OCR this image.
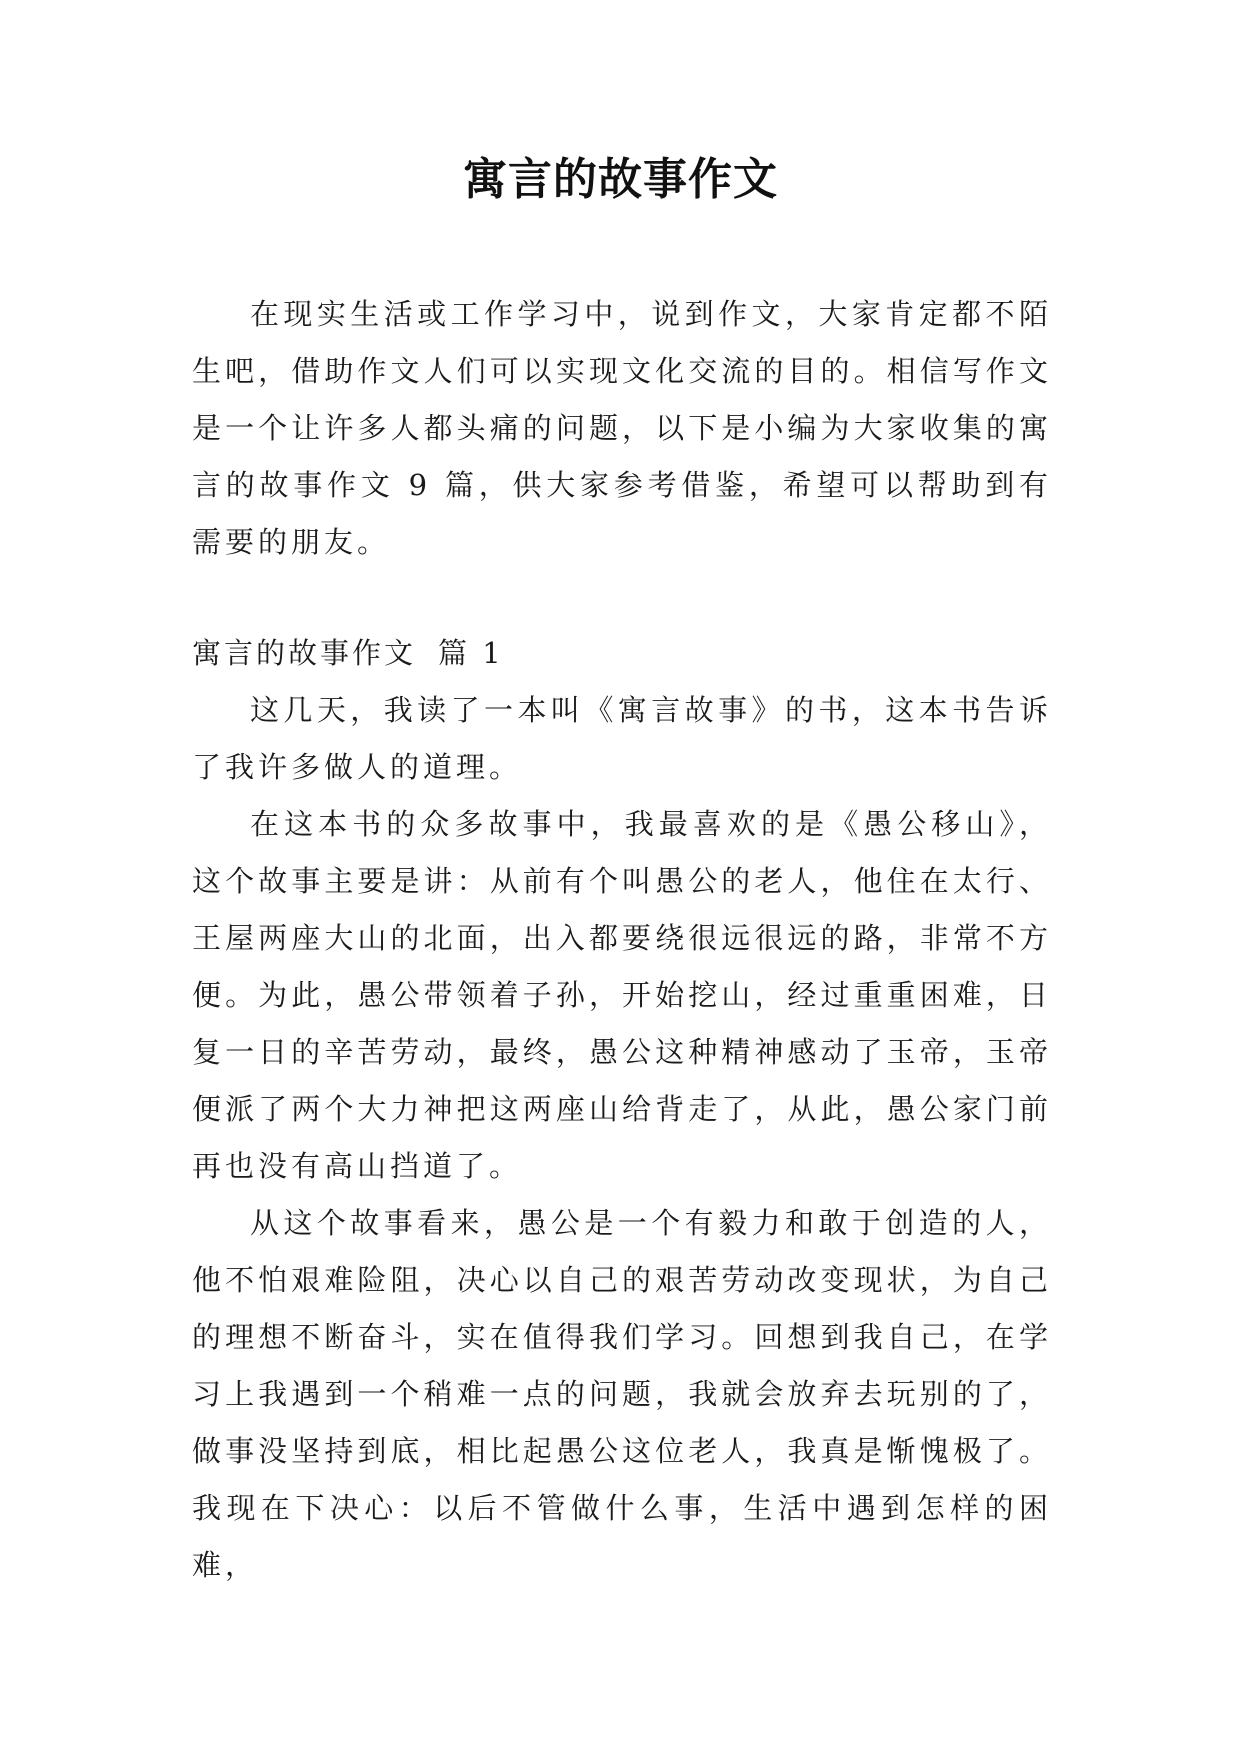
寓言的故事作文

在现实生活或工作学习中，说到作文，大家肯定都不陌生吧，借助作文人们可以实现文化交流的目的。相信写作文是一个让许多人都头痛的问题，以下是小编为大家收集的寓言的故事作文 9 篇，供大家参考借鉴，希望可以帮助到有需要的朋友。

寓言的故事作文 篇 1

这几天，我读了一本叫《寓言故事》的书，这本书告诉了我许多做人的道理。

在这本书的众多故事中，我最喜欢的是《愚公移山》，这个故事主要是讲：从前有个叫愚公的老人，他住在太行、王屋两座大山的北面，出入都要绕很远很远的路，非常不方便。为此，愚公带领着子孙，开始挖山，经过重重困难，日复一日的辛苦劳动，最终，愚公这种精神感动了玉帝，玉帝便派了两个大力神把这两座山给背走了，从此，愚公家门前再也没有高山挡道了。

从这个故事看来，愚公是一个有毅力和敢于创造的人，他不怕艰难险阻，决心以自己的艰苦劳动改变现状，为自己的理想不断奋斗，实在值得我们学习。回想到我自己，在学习上我遇到一个稍难一点的问题，我就会放弃去玩别的了，做事没坚持到底，相比起愚公这位老人，我真是惭愧极了。我现在下决心：以后不管做什么事，生活中遇到怎样的困难，
